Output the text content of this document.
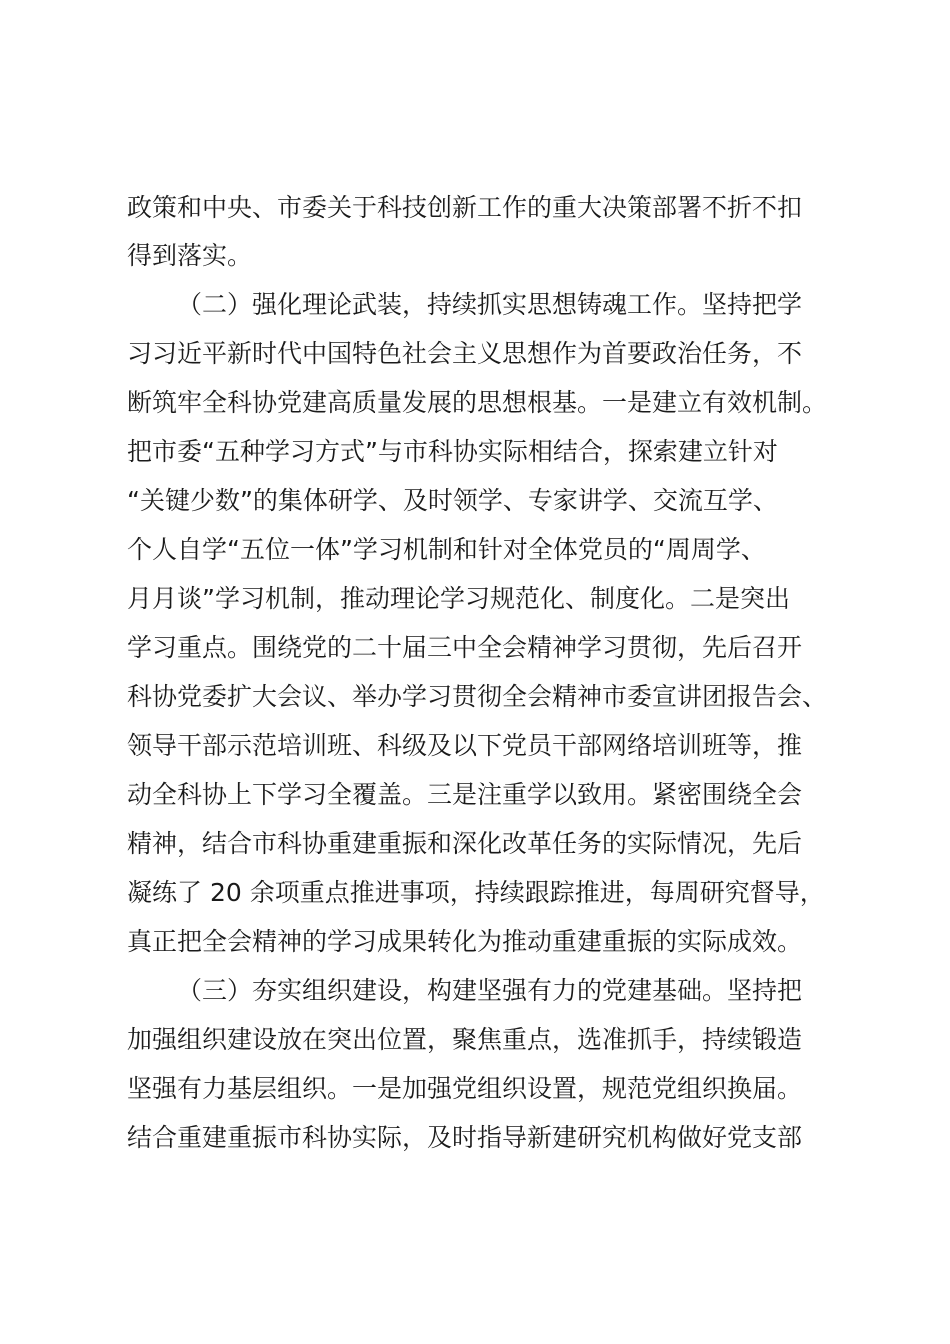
政策和中央、市委关于科技创新工作的重大决策部署不折不扣
得到落实。
（二）强化理论武装，持续抓实思想铸魂工作。坚持把学
习习近平新时代中国特色社会主义思想作为首要政治任务，不
断筑牢全科协党建高质量发展的思想根基。一是建立有效机制。
把市委“五种学习方式”与市科协实际相结合，探索建立针对
“关键少数”的集体研学、及时领学、专家讲学、交流互学、
个人自学“五位一体”学习机制和针对全体党员的“周周学、
月月谈”学习机制，推动理论学习规范化、制度化。二是突出
学习重点。围绕党的二十届三中全会精神学习贯彻，先后召开
科协党委扩大会议、举办学习贯彻全会精神市委宣讲团报告会、
领导干部示范培训班、科级及以下党员干部网络培训班等，推
动全科协上下学习全覆盖。三是注重学以致用。紧密围绕全会
精神，结合市科协重建重振和深化改革任务的实际情况，先后
凝练了 20 余项重点推进事项，持续跟踪推进，每周研究督导，
真正把全会精神的学习成果转化为推动重建重振的实际成效。
（三）夯实组织建设，构建坚强有力的党建基础。坚持把
加强组织建设放在突出位置，聚焦重点，选准抓手，持续锻造
坚强有力基层组织。一是加强党组织设置，规范党组织换届。
结合重建重振市科协实际，及时指导新建研究机构做好党支部
